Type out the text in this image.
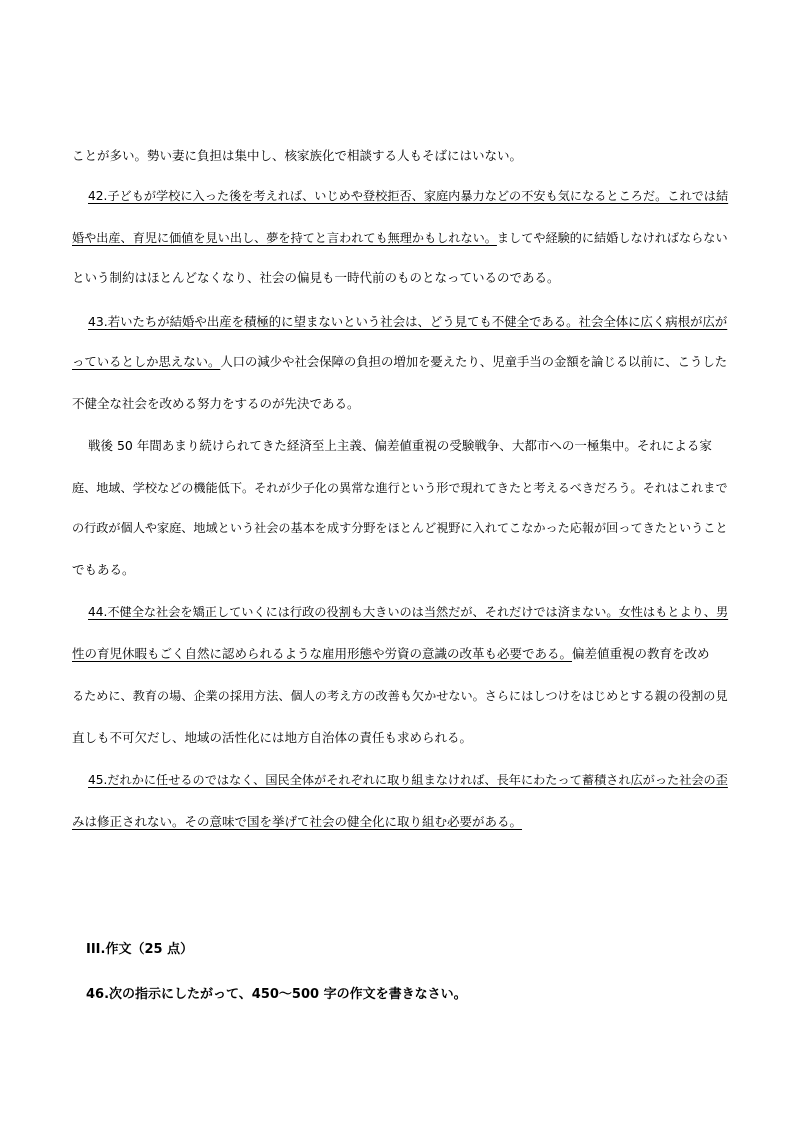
ことが多い。勢い妻に負担は集中し、核家族化で相談する人もそばにはいない。
42.子どもが学校に入った後を考えれば、いじめや登校拒否、家庭内暴力などの不安も気になるところだ。これでは結
婚や出産、育児に価値を見い出し、夢を持てと言われても無理かもしれない。ましてや経験的に結婚しなければならない
という制約はほとんどなくなり、社会の偏見も一時代前のものとなっているのである。
43.若いたちが結婚や出産を積極的に望まないという社会は、どう見ても不健全である。社会全体に広く病根が広が
っているとしか思えない。人口の減少や社会保障の負担の増加を憂えたり、児童手当の金額を論じる以前に、こうした
不健全な社会を改める努力をするのが先決である。
戦後 50 年間あまり続けられてきた経済至上主義、偏差値重視の受験戦争、大都市への一極集中。それによる家
庭、地域、学校などの機能低下。それが少子化の異常な進行という形で現れてきたと考えるべきだろう。それはこれまで
の行政が個人や家庭、地域という社会の基本を成す分野をほとんど視野に入れてこなかった応報が回ってきたということ
でもある。
44.不健全な社会を矯正していくには行政の役割も大きいのは当然だが、それだけでは済まない。女性はもとより、男
性の育児休暇もごく自然に認められるような雇用形態や労資の意識の改革も必要である。偏差値重視の教育を改め
るために、教育の場、企業の採用方法、個人の考え方の改善も欠かせない。さらにはしつけをはじめとする親の役割の見
直しも不可欠だし、地域の活性化には地方自治体の責任も求められる。
45.だれかに任せるのではなく、国民全体がそれぞれに取り組まなければ、長年にわたって蓄積され広がった社会の歪
みは修正されない。その意味で国を挙げて社会の健全化に取り組む必要がある。
III.作文（25 点）
46.次の指示にしたがって、450～500 字の作文を書きなさい。
